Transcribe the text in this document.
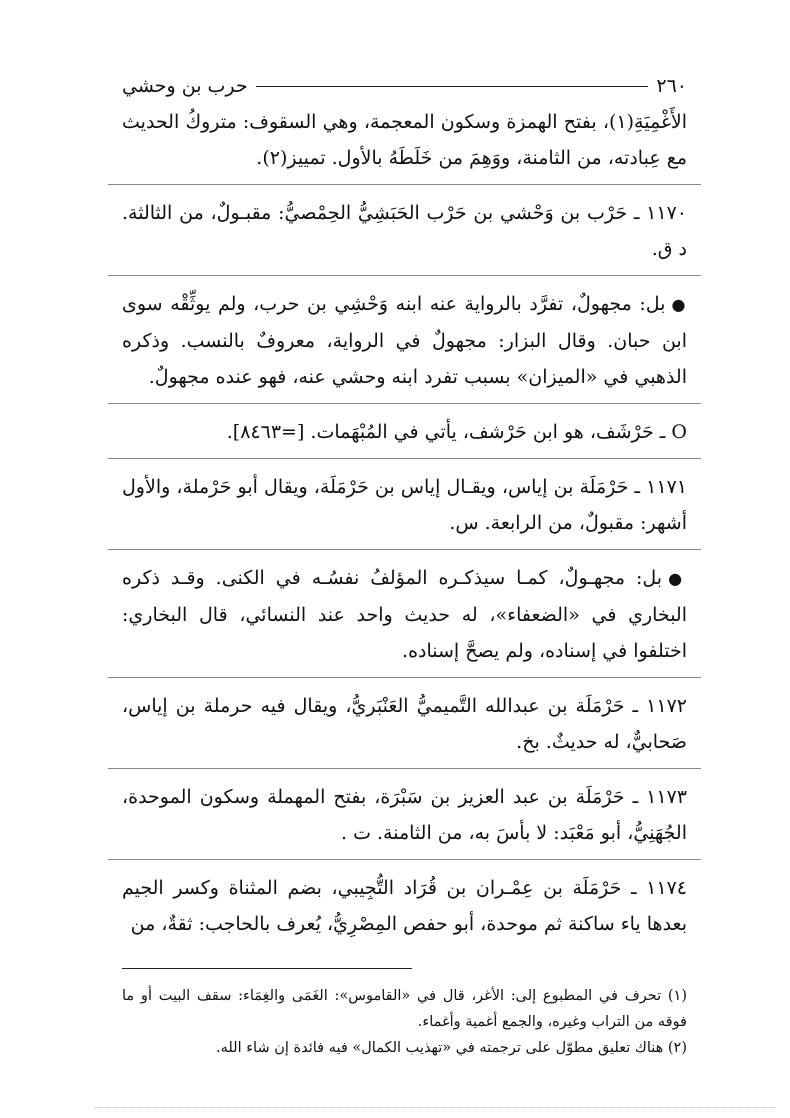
٢٦٠
حرب بن وحشي

الأَغْمِيَةِ(١)، بفتح الهمزة وسكون المعجمة، وهي السقوف: متروكُ الحديث مع عِبادته، من الثامنة، ووَهِمَ من خَلَطَهُ بالأول. تمييز(٢).

١١٧٠ ـ حَرْب بن وَحْشي بن حَرْب الحَبَشِيُّ الحِمْصيُّ: مقبـولٌ، من الثالثة. د ق.

● بل: مجهولٌ، تفرَّد بالرواية عنه ابنه وَحْشِي بن حرب، ولم يوثِّقْه سوى ابن حبان. وقال البزار: مجهولٌ في الرواية، معروفٌ بالنسب. وذكره الذهبي في «الميزان» بسبب تفرد ابنه وحشي عنه، فهو عنده مجهولٌ.

O ـ حَرْشَف، هو ابن حَرْشف، يأتي في المُبْهَمات. [=٨٤٦٣].

١١٧١ ـ حَرْمَلَة بن إياس، ويقـال إياس بن حَرْمَلَة، ويقال أبو حَرْملة، والأول أشهر: مقبولٌ، من الرابعة. س.

● بل: مجهـولٌ، كمـا سيذكـره المؤلفُ نفسُـه في الكنى. وقـد ذكره البخاري في «الضعفاء»، له حديث واحد عند النسائي، قال البخاري: اختلفوا في إسناده، ولم يصحَّ إسناده.

١١٧٢ ـ حَرْمَلَة بن عبدالله التَّميميُّ العَنْبَريُّ، ويقال فيه حرملة بن إياس، صَحابيٌّ، له حديثٌ. بخ.

١١٧٣ ـ حَرْمَلَة بن عبد العزيز بن سَبْرَة، بفتح المهملة وسكون الموحدة، الجُهَنِيُّ، أبو مَعْبَد: لا بأسَ به، من الثامنة. ت .

١١٧٤ ـ حَرْمَلَة بن عِمْـران بن قُرَاد التُّجِيبي، بضم المثناة وكسر الجيم بعدها ياء ساكنة ثم موحدة، أبو حفص المِصْرِيُّ، يُعرف بالحاجب: ثقةٌ، من

(١) تحرف في المطبوع إلى: الأغر، قال في «القاموس»: الغَمَى والغِمَاء: سقف البيت أو ما فوقه من التراب وغيره، والجمع أغمية وأغماء.

(٢) هناك تعليق مطوّل على ترجمته في «تهذيب الكمال» فيه فائدة إن شاء الله.
